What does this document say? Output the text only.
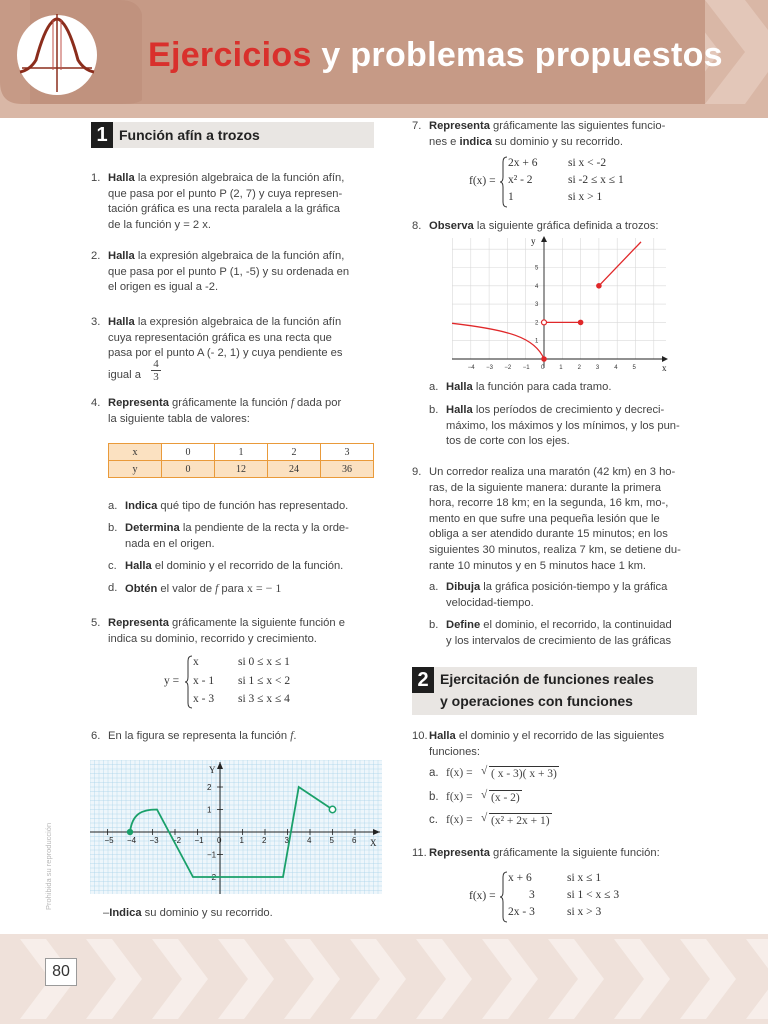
Ejercicios y problemas propuestos
1 Función afín a trozos
1. Halla la expresión algebraica de la función afín,
que pasa por el punto P (2, 7) y cuya represen-
tación gráfica es una recta paralela a la gráfica
de la función y = 2 x.
2. Halla la expresión algebraica de la función afín,
que pasa por el punto P (1, -5) y su ordenada en
el origen es igual a -2.
3. Halla la expresión algebraica de la función afín
cuya representación gráfica es una recta que
pasa por el punto A (- 2, 1) y cuya pendiente es
igual a $\frac{4}{3}$
4. Representa gráficamente la función f dada por
la siguiente tabla de valores:
x	0	1	2	3
y	0	12	24	36
a. Indica qué tipo de función has representado.
b. Determina la pendiente de la recta y la orde-
nada en el origen.
c. Halla el dominio y el recorrido de la función.
d. Obtén el valor de f para x = − 1
5. Representa gráficamente la siguiente función e
indica su dominio, recorrido y crecimiento.
y =
x	si 0 ≤ x ≤ 1
x - 1 si 1 ≤ x < 2
x - 3 si 3 ≤ x ≤ 4
6. En la figura se representa la función f.
−5 −4 −3 −2 −1 0 1 2 3 4 5 6
2
1
−1
−2
X
Y
–Indica su dominio y su recorrido.
7. Representa gráficamente las siguientes funcio-
nes e indica su dominio y su recorrido.
f(x) =
2x + 6	si x < -2
x² - 2	si -2 ≤ x ≤ 1
1	si x > 1
8. Observa la siguiente gráfica definida a trozos:
−4 −3 −2 −1 0 1 2 3 4 5
5
4
3
2
1
x
y
a. Halla la función para cada tramo.
b. Halla los períodos de crecimiento y decreci-
máximo, los máximos y los mínimos, y los pun-
tos de corte con los ejes.
9. Un corredor realiza una maratón (42 km) en 3 ho-
ras, de la siguiente manera: durante la primera
hora, recorre 18 km; en la segunda, 16 km, mo-,
mento en que sufre una pequeña lesión que le
obliga a ser atendido durante 15 minutos; en los
siguientes 30 minutos, realiza 7 km, se detiene du-
rante 10 minutos y en 5 minutos hace 1 km.
a. Dibuja la gráfica posición-tiempo y la gráfica
velocidad-tiempo.
b. Define el dominio, el recorrido, la continuidad
y los intervalos de crecimiento de las gráficas
2 Ejercitación de funciones reales
y operaciones con funciones
10. Halla el dominio y el recorrido de las siguientes
funciones:
a. f(x) = √ ( x - 3)( x + 3)
b. f(x) = √ (x - 2)
c. f(x) = √ (x² + 2x + 1)
11. Representa gráficamente la siguiente función:
f(x) =
x + 6	si x ≤ 1
3	si 1 < x ≤ 3
2x - 3	si x > 3
80
Prohibida su reproducción
